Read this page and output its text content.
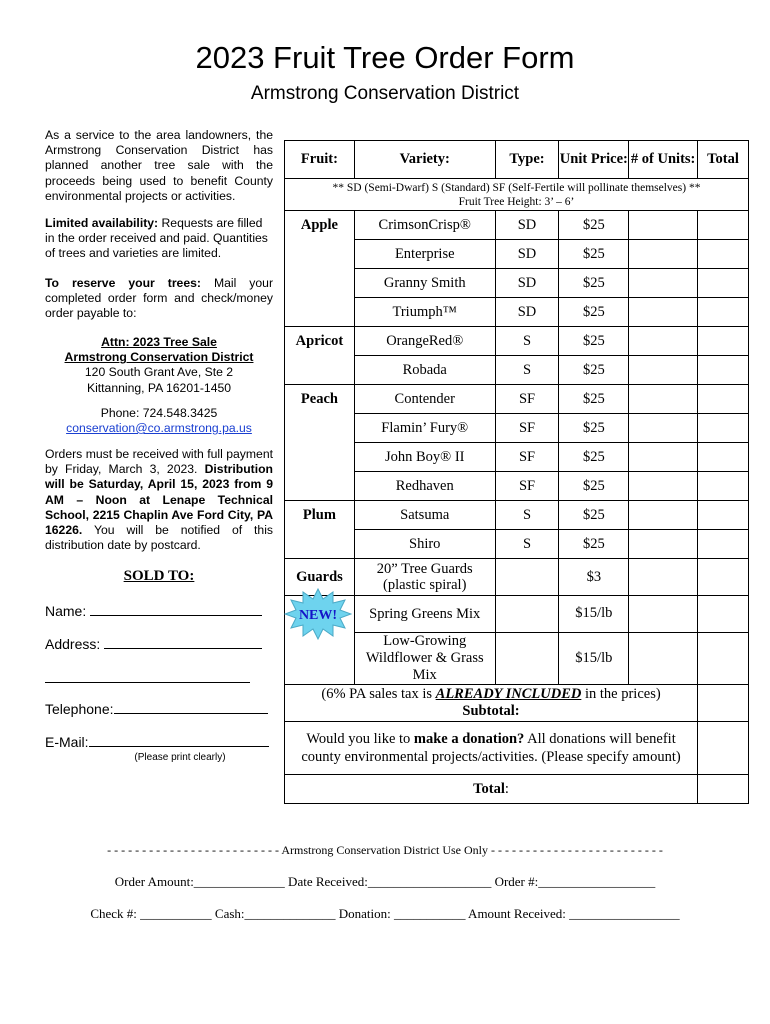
2023 Fruit Tree Order Form
Armstrong Conservation District
As a service to the area landowners, the Armstrong Conservation District has planned another tree sale with the proceeds being used to benefit County environmental projects or activities.
Limited availability: Requests are filled in the order received and paid. Quantities of trees and varieties are limited.
To reserve your trees: Mail your completed order form and check/money order payable to:
Attn: 2023 Tree Sale
Armstrong Conservation District
120 South Grant Ave, Ste 2
Kittanning, PA 16201-1450
Phone: 724.548.3425
conservation@co.armstrong.pa.us
Orders must be received with full payment by Friday, March 3, 2023. Distribution will be Saturday, April 15, 2023 from 9 AM – Noon at Lenape Technical School, 2215 Chaplin Ave Ford City, PA 16226. You will be notified of this distribution date by postcard.
SOLD TO:
Name:
Address:
Telephone:
E-Mail:
(Please print clearly)
Fruit:	Variety:	Type:	Unit Price:	# of Units:	Total

** SD (Semi-Dwarf) S (Standard) SF (Self-Fertile will pollinate themselves) **
Fruit Tree Height: 3’ – 6’					

Apple	CrimsonCrisp®	SD	$25		
	Enterprise	SD	$25		
	Granny Smith	SD	$25		
	Triumph™	SD	$25		
Apricot	OrangeRed®	S	$25		
	Robada	S	$25		
Peach	Contender	SF	$25		
	Flamin’ Fury®	SF	$25		
	John Boy® II	SF	$25		
	Redhaven	SF	$25		
Plum	Satsuma	S	$25		
	Shiro	S	$25		
Guards	20” Tree Guards (plastic spiral)		$3		
	Spring Greens Mix		$15/lb		
	Low-Growing Wildflower & Grass Mix		$15/lb		

(6% PA sales tax is ALREADY INCLUDED in the prices)
Subtotal:					

Would you like to make a donation? All donations will benefit county environmental projects/activities. (Please specify amount)					
Total:					
NEW!
- - - - - - - - - - - - - - - - - - - - - - - - - Armstrong Conservation District Use Only - - - - - - - - - - - - - - - - - - - - - - - - -
Order Amount:______________ Date Received:___________________ Order #:__________________
Check #: ___________ Cash:______________ Donation: ___________ Amount Received: _________________
